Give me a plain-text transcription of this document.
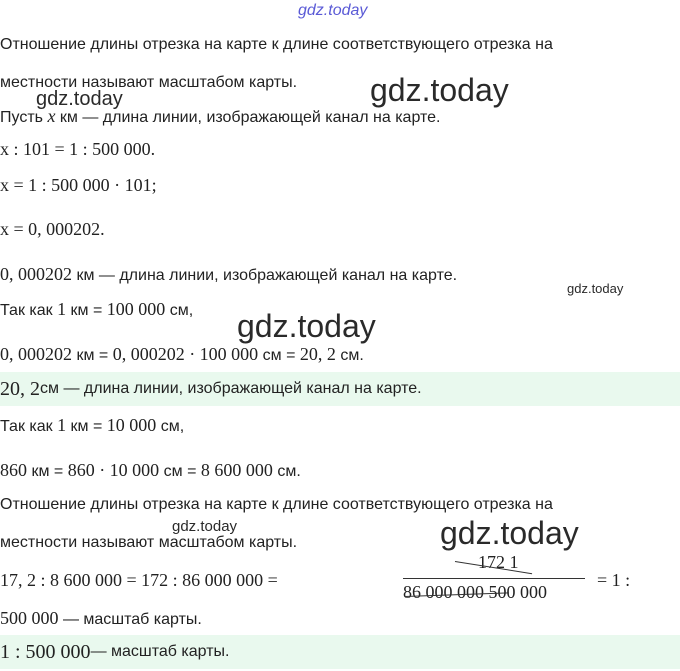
gdz.today
gdz.today	gdz.today
gdz.today
gdz.today
gdz.today	gdz.today
Отношение длины отрезка на карте к длине соответствующего отрезка на
местности называют масштабом карты.
Пусть x км — длина линии, изображающей канал на карте.
x : 101 = 1 : 500 000.
x = 1 : 500 000 · 101;
x = 0, 000202.
0, 000202 км — длина линии, изображающей канал на карте.
Так как 1 км = 100 000 см,
0, 000202 км = 0, 000202 · 100 000 см = 20, 2 см.
20, 2 см — длина линии, изображающей канал на карте.
Так как 1 км = 10 000 см,
860 км = 860 · 10 000 см = 8 600 000 см.
Отношение длины отрезка на карте к длине соответствующего отрезка на
местности называют масштабом карты.
17, 2 : 8 600 000 = 172 : 86 000 000 =
172 1
86 000 000 500 000
= 1 :
500 000 — масштаб карты.
1 : 500 000 — масштаб карты.
